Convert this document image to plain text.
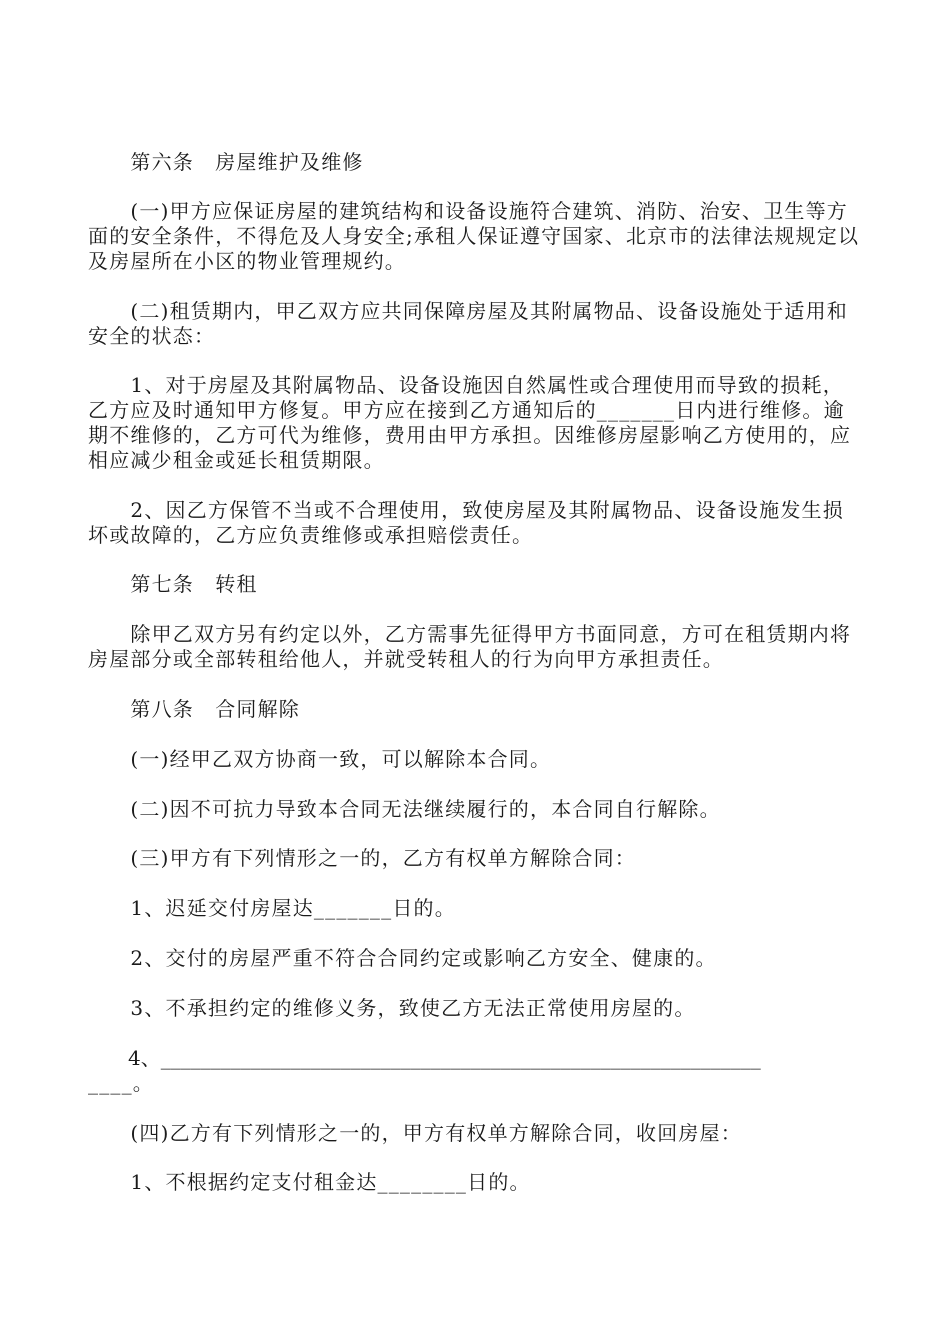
　　第六条　房屋维护及维修

　　(一)甲方应保证房屋的建筑结构和设备设施符合建筑、消防、治安、卫生等方面的安全条件，不得危及人身安全;承租人保证遵守国家、北京市的法律法规规定以及房屋所在小区的物业管理规约。

　　(二)租赁期内，甲乙双方应共同保障房屋及其附属物品、设备设施处于适用和安全的状态：

　　1、对于房屋及其附属物品、设备设施因自然属性或合理使用而导致的损耗，乙方应及时通知甲方修复。甲方应在接到乙方通知后的_______日内进行维修。逾期不维修的，乙方可代为维修，费用由甲方承担。因维修房屋影响乙方使用的，应相应减少租金或延长租赁期限。

　　2、因乙方保管不当或不合理使用，致使房屋及其附属物品、设备设施发生损坏或故障的，乙方应负责维修或承担赔偿责任。

　　第七条　转租

　　除甲乙双方另有约定以外，乙方需事先征得甲方书面同意，方可在租赁期内将房屋部分或全部转租给他人，并就受转租人的行为向甲方承担责任。

　　第八条　合同解除

　　(一)经甲乙双方协商一致，可以解除本合同。

　　(二)因不可抗力导致本合同无法继续履行的，本合同自行解除。

　　(三)甲方有下列情形之一的，乙方有权单方解除合同：

　　1、迟延交付房屋达_______日的。

　　2、交付的房屋严重不符合合同约定或影响乙方安全、健康的。

　　3、不承担约定的维修义务，致使乙方无法正常使用房屋的。

　　4、____________________________________________________________

____。

　　(四)乙方有下列情形之一的，甲方有权单方解除合同，收回房屋：

　　1、不根据约定支付租金达________日的。
